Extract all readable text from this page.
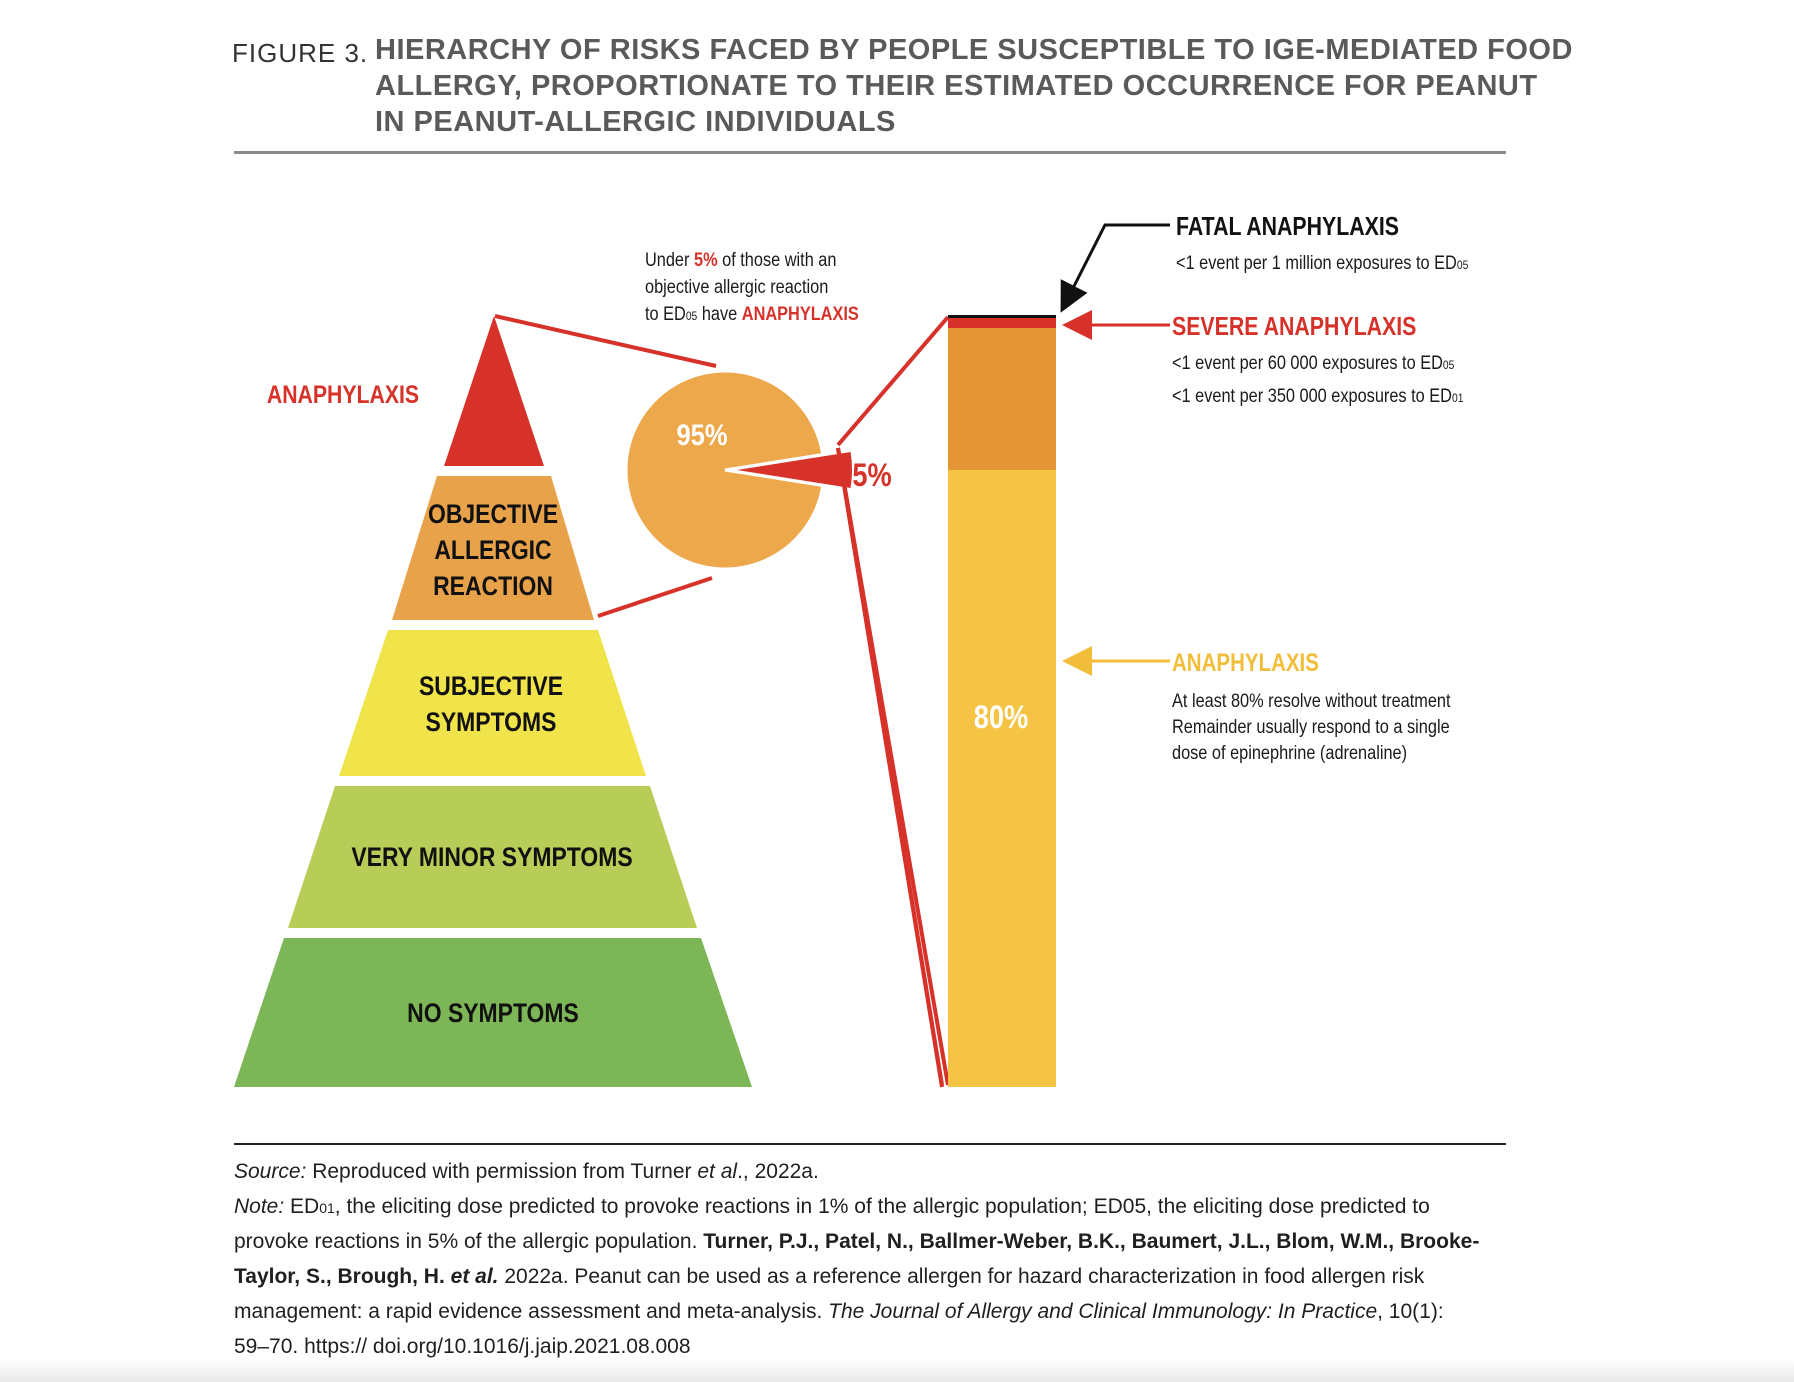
FIGURE 3. HIERARCHY OF RISKS FACED BY PEOPLE SUSCEPTIBLE TO IGE-MEDIATED FOOD
ALLERGY, PROPORTIONATE TO THEIR ESTIMATED OCCURRENCE FOR PEANUT
IN PEANUT-ALLERGIC INDIVIDUALS
ANAPHYLAXIS
OBJECTIVE
ALLERGIC
REACTION
SUBJECTIVE
SYMPTOMS
VERY MINOR SYMPTOMS
NO SYMPTOMS
95%
5%
Under 5% of those with an
objective allergic reaction
to ED05 have ANAPHYLAXIS
80%
FATAL ANAPHYLAXIS
<1 event per 1 million exposures to ED05
SEVERE ANAPHYLAXIS
<1 event per 60 000 exposures to ED05
<1 event per 350 000 exposures to ED01
ANAPHYLAXIS
At least 80% resolve without treatment
Remainder usually respond to a single
dose of epinephrine (adrenaline)
Source: Reproduced with permission from Turner et al., 2022a.
Note: ED01, the eliciting dose predicted to provoke reactions in 1% of the allergic population; ED05, the eliciting dose predicted to
provoke reactions in 5% of the allergic population. Turner, P.J., Patel, N., Ballmer-Weber, B.K., Baumert, J.L., Blom, W.M., Brooke-
Taylor, S., Brough, H. et al. 2022a. Peanut can be used as a reference allergen for hazard characterization in food allergen risk
management: a rapid evidence assessment and meta-analysis. The Journal of Allergy and Clinical Immunology: In Practice, 10(1):
59–70. https:// doi.org/10.1016/j.jaip.2021.08.008
